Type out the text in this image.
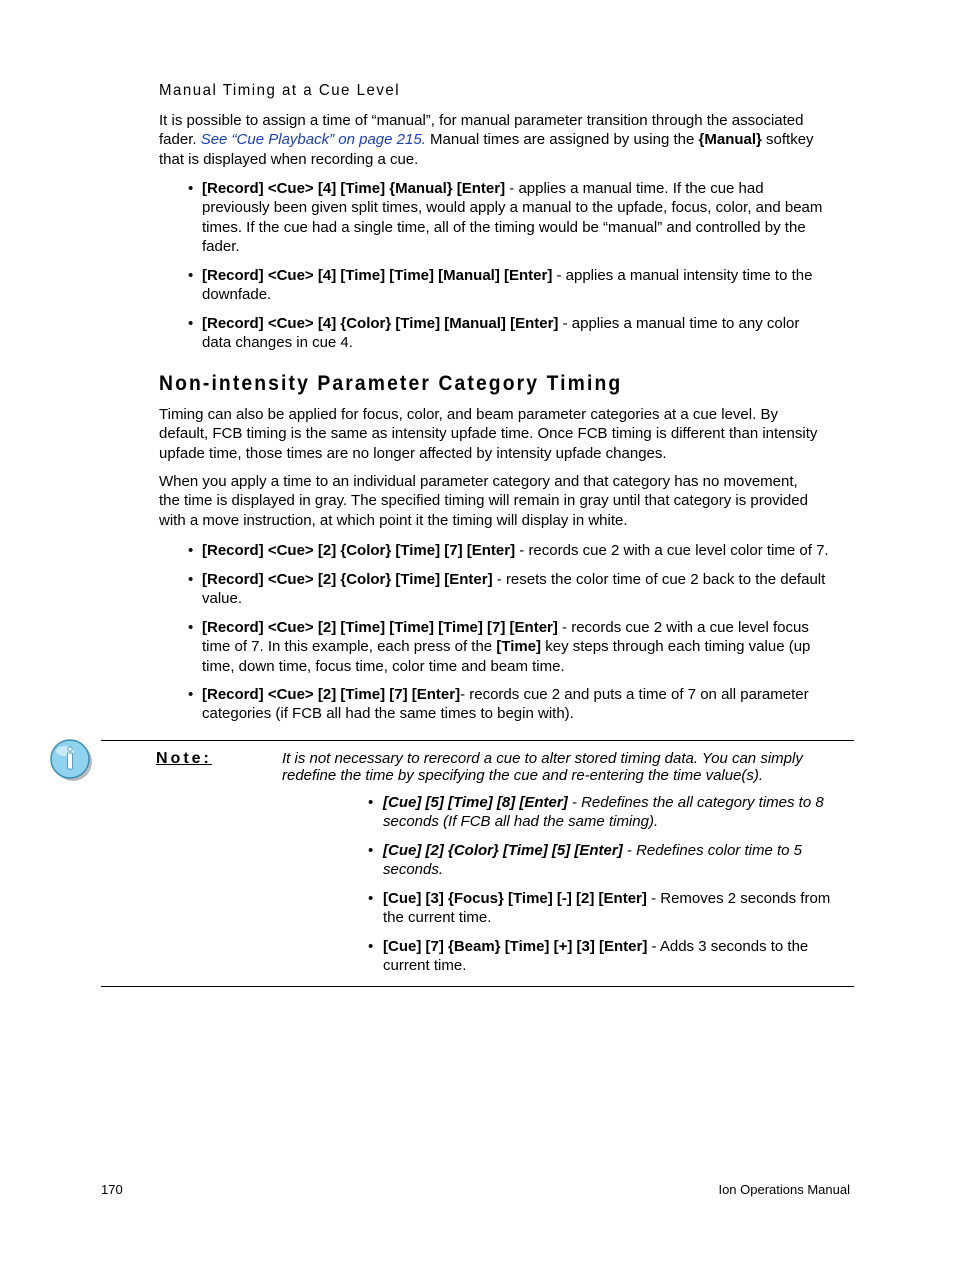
Manual Timing at a Cue Level
It is possible to assign a time of “manual”, for manual parameter transition through the associated
fader. See “Cue Playback” on page 215. Manual times are assigned by using the {Manual} softkey
that is displayed when recording a cue.
• [Record] <Cue> [4] [Time] {Manual} [Enter] - applies a manual time. If the cue had
previously been given split times, would apply a manual to the upfade, focus, color, and beam
times. If the cue had a single time, all of the timing would be “manual” and controlled by the
fader.
• [Record] <Cue> [4] [Time] [Time] [Manual] [Enter] - applies a manual intensity time to the
downfade.
• [Record] <Cue> [4] {Color} [Time] [Manual] [Enter] - applies a manual time to any color
data changes in cue 4.
Non-intensity Parameter Category Timing
Timing can also be applied for focus, color, and beam parameter categories at a cue level. By
default, FCB timing is the same as intensity upfade time. Once FCB timing is different than intensity
upfade time, those times are no longer affected by intensity upfade changes.
When you apply a time to an individual parameter category and that category has no movement,
the time is displayed in gray. The specified timing will remain in gray until that category is provided
with a move instruction, at which point it the timing will display in white.
• [Record] <Cue> [2] {Color} [Time] [7] [Enter] - records cue 2 with a cue level color time of 7.
• [Record] <Cue> [2] {Color} [Time] [Enter] - resets the color time of cue 2 back to the default
value.
• [Record] <Cue> [2] [Time] [Time] [Time] [7] [Enter] - records cue 2 with a cue level focus
time of 7. In this example, each press of the [Time] key steps through each timing value (up
time, down time, focus time, color time and beam time.
• [Record] <Cue> [2] [Time] [7] [Enter]- records cue 2 and puts a time of 7 on all parameter
categories (if FCB all had the same times to begin with).
Note:	It is not necessary to rerecord a cue to alter stored timing data. You can simply
redefine the time by specifying the cue and re-entering the time value(s).
• [Cue] [5] [Time] [8] [Enter] - Redefines the all category times to 8
seconds (If FCB all had the same timing).
• [Cue] [2] {Color} [Time] [5] [Enter] - Redefines color time to 5
seconds.
• [Cue] [3] {Focus} [Time] [-] [2] [Enter] - Removes 2 seconds from
the current time.
• [Cue] [7] {Beam} [Time] [+] [3] [Enter] - Adds 3 seconds to the
current time.
170	Ion Operations Manual
